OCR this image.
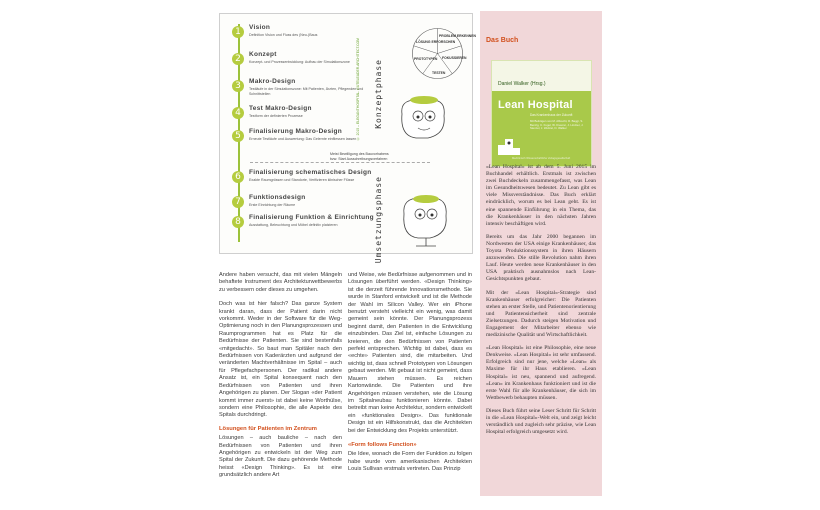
1	Vision
Definition Vision und Fluss des (Neu-)Baus
2	Konzept
Konzept- und Prozessentwicklung: Aufbau der Simulationszone
3	Makro-Design
Testläufe in der Simulationszone: Mit Patienten, Ärzten, Pflegenden und Schnittstellen
4	Test Makro-Design
Testform der definierten Prozesse
5	Finalisierung Makro-Design
Erneute Testläufe und Auswertung: Das Gelernte einfliessen lassen
Meist Bewilligung des Bauvorhabens
bzw. Start Ausschreibungsverfahren
6	Finalisierung schematisches Design
Exakte Raumgrössen und Standorte, Verifizieren klinischer Flüsse
7	Funktionsdesign
Erste Einrichtung der Räume
8	Finalisierung Funktion & Einrichtung
Ausstattung, Beleuchtung und Möbel definitiv platzieren
© 2015 – ELEGANTHOSPITAL. GUTELEADER.ARCHITECT.COM Konzeptphase
Umsetzungsphase
PROBLEM ERKENNEN
LÖSUNG ERFORSCHEN
FOKUSSIEREN
PROTOTYPEN
TESTEN

Andere haben versucht, das mit vielen Mängeln behaftete Instrument des Architekturwettbewerbs zu verbessern oder dieses zu umgehen.

Doch was ist hier falsch? Das ganze System krankt daran, dass der Patient darin nicht vorkommt. Weder in der Software für die Weg-Optimierung noch in den Planungsprozessen und Raumprogrammen hat es Platz für die Bedürfnisse der Patienten. Sie sind bestenfalls «mitgedacht». So baut man Spitäler nach den Bedürfnissen von Kaderärzten und aufgrund der veränderten Machtverhältnisse im Spital – auch für Pflegefachpersonen. Der radikal andere Ansatz ist, ein Spital konsequent nach den Bedürfnissen von Patienten und ihren Angehörigen zu planen. Der Slogan «der Patient kommt immer zuerst» ist dabei keine Worthülse, sondern eine Philosophie, die alle Aspekte des Spitals durchdringt.

Lösungen für Patienten im Zentrum

Lösungen – auch bauliche – nach den Bedürfnissen von Patienten und ihren Angehörigen zu entwickeln ist der Weg zum Spital der Zukunft. Die dazu gehörende Methode heisst «Design Thinking». Es ist eine grundsätzlich andere Art

und Weise, wie Bedürfnisse aufgenommen und in Lösungen überführt werden. «Design Thinking» ist die derzeit führende Innovationsmethode. Sie wurde in Stanford entwickelt und ist die Methode der Wahl im Silicon Valley. Wer ein iPhone benutzt versteht vielleicht ein wenig, was damit gemeint sein könnte. Der Planungsprozess beginnt damit, den Patienten in die Entwicklung einzubinden. Das Ziel ist, einfache Lösungen zu kreieren, die den Bedürfnissen von Patienten perfekt entsprechen. Wichtig ist dabei, dass es «echte» Patienten sind, die mitarbeiten. Und wichtig ist, dass schnell Prototypen von Lösungen gebaut werden. Mit gebaut ist nicht gemeint, dass Mauern stehen müssen. Es reichen Kartonwände. Die Patienten und ihre Angehörigen müssen verstehen, wie die Lösung im Spitalneubau funktionieren könnte. Dabei betreibt man keine Architektur, sondern entwickelt ein «funktionales Design». Das funktionale Design ist ein Hilfskonstrukt, das die Architekten bei der Entwicklung des Projekts unterstützt.

«Form follows Function»

Die Idee, wonach die Form der Funktion zu folgen habe wurde vom amerikanischen Architekten Louis Sullivan erstmals vertreten. Das Prinzip

Das Buch
Daniel Walker (Hrsg.)
Lean Hospital
Das Krankenhaus der Zukunft
Mit Beiträgen von M. Albrecht, R. Baggi, S. Benzig, C. Fugel, W. Kreuzer, J. Lindner, J. Stenzel, J. Weitzel, D. Walker
Medizinisch Wissenschaftliche Verlagsgesellschaft

«Lean Hospital» ist ab dem 5. Juni 2015 im Buchhandel erhältlich. Erstmals ist zwischen zwei Buchdeckeln zusammengefasst, was Lean im Gesundheitswesen bedeutet. Zu Lean gibt es viele Missverständnisse. Das Buch erklärt eindrücklich, worum es bei Lean geht. Es ist eine spannende Einführung in ein Thema, das die Krankenhäuser in den nächsten Jahren intensiv beschäftigen wird.

Bereits um das Jahr 2000 begannen im Nordwesten der USA einige Krankenhäuser, das Toyota Produktionssystem in ihren Häusern anzuwenden. Die stille Revolution nahm ihren Lauf. Heute werden neue Krankenhäuser in den USA praktisch ausnahmslos nach Lean-Gesichtspunkten gebaut.

Mit der «Lean Hospital»-Strategie sind Krankenhäuser erfolgreicher: Die Patienten stehen an erster Stelle, und Patientenorientierung und Patientensicherheit sind zentrale Zielsetzungen. Dadurch steigen Motivation und Engagement der Mitarbeiter ebenso wie medizinische Qualität und Wirtschaftlichkeit.

«Lean Hospital» ist eine Philosophie, eine neue Denkweise. «Lean Hospital» ist sehr umfassend. Erfolgreich sind nur jene, welche «Lean» als Maxime für ihr Haus etablieren. «Lean Hospital» ist neu, spannend und aufregend. «Lean» im Krankenhaus funktioniert und ist die erste Wahl für alle Krankenhäuser, die sich im Wettbewerb behaupten müssen.

Dieses Buch führt seine Leser Schritt für Schritt in die «Lean Hospital»-Welt ein, und zeigt leicht verständlich und zugleich sehr präzise, wie Lean Hospital erfolgreich umgesetzt wird.
